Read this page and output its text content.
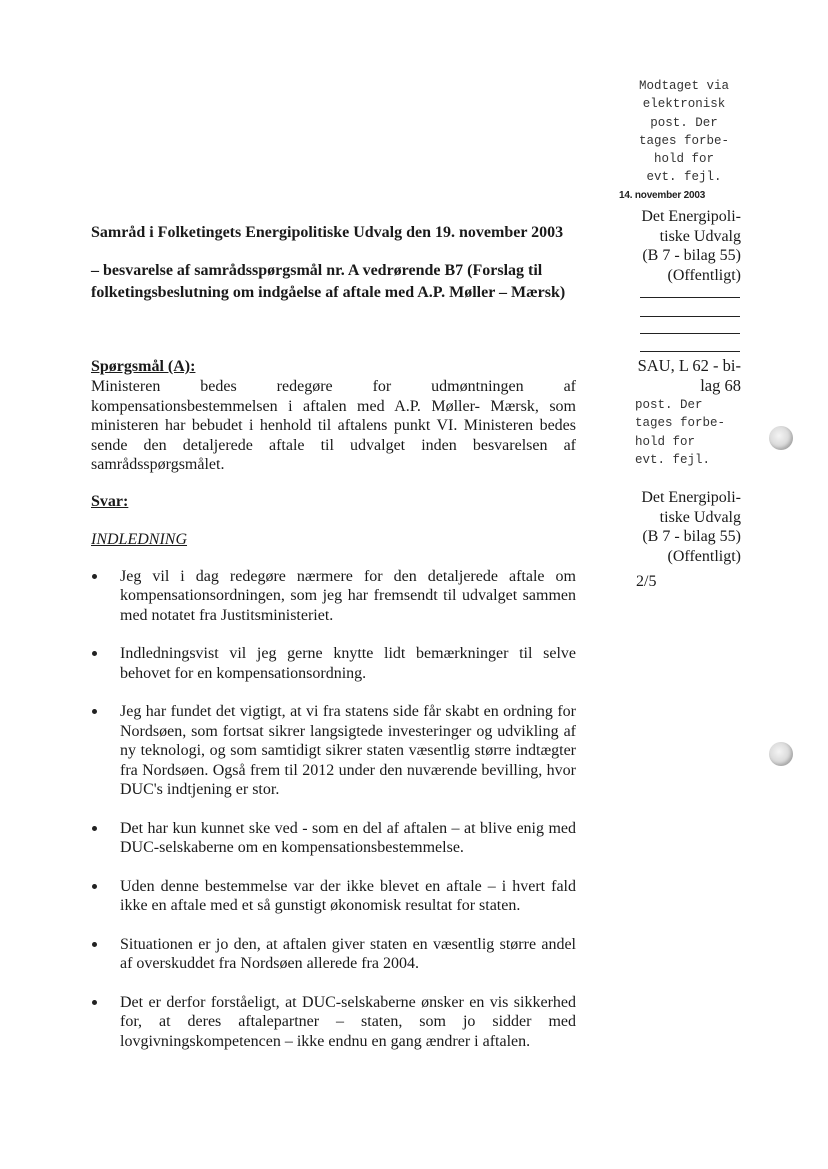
Modtaget via
elektronisk
post. Der
tages forbe-
hold for
evt. fejl.
14. november 2003
Det Energipoli-
tiske Udvalg
(B 7 - bilag 55)
(Offentligt)
SAU, L 62 - bi-
lag 68
post. Der
tages forbe-
hold for
evt. fejl.
Det Energipoli-
tiske Udvalg
(B 7 - bilag 55)
(Offentligt)
2/5
Samråd i Folketingets Energipolitiske Udvalg den 19. november 2003

– besvarelse af samrådsspørgsmål nr. A vedrørende B7 (Forslag til folketingsbeslutning om indgåelse af aftale med A.P. Møller – Mærsk)

Spørgsmål (A):

Ministeren bedes redegøre for udmøntningen af kompensationsbestemmelsen i aftalen med A.P. Møller- Mærsk, som ministeren har bebudet i henhold til aftalens punkt VI. Ministeren bedes sende den detaljerede aftale til udvalget inden besvarelsen af samrådsspørgsmålet.

Svar:

INDLEDNING

Jeg vil i dag redegøre nærmere for den detaljerede aftale om kompensationsordningen, som jeg har fremsendt til udvalget sammen med notatet fra Justitsministeriet.
Indledningsvist vil jeg gerne knytte lidt bemærkninger til selve behovet for en kompensationsordning.
Jeg har fundet det vigtigt, at vi fra statens side får skabt en ordning for Nordsøen, som fortsat sikrer langsigtede investeringer og udvikling af ny teknologi, og som samtidigt sikrer staten væsentlig større indtægter fra Nordsøen. Også frem til 2012 under den nuværende bevilling, hvor DUC's indtjening er stor.
Det har kun kunnet ske ved - som en del af aftalen – at blive enig med DUC-selskaberne om en kompensationsbestemmelse.
Uden denne bestemmelse var der ikke blevet en aftale – i hvert fald ikke en aftale med et så gunstigt økonomisk resultat for staten.
Situationen er jo den, at aftalen giver staten en væsentlig større andel af overskuddet fra Nordsøen allerede fra 2004.
Det er derfor forståeligt, at DUC-selskaberne ønsker en vis sikkerhed for, at deres aftalepartner – staten, som jo sidder med lovgivningskompetencen – ikke endnu en gang ændrer i aftalen.
